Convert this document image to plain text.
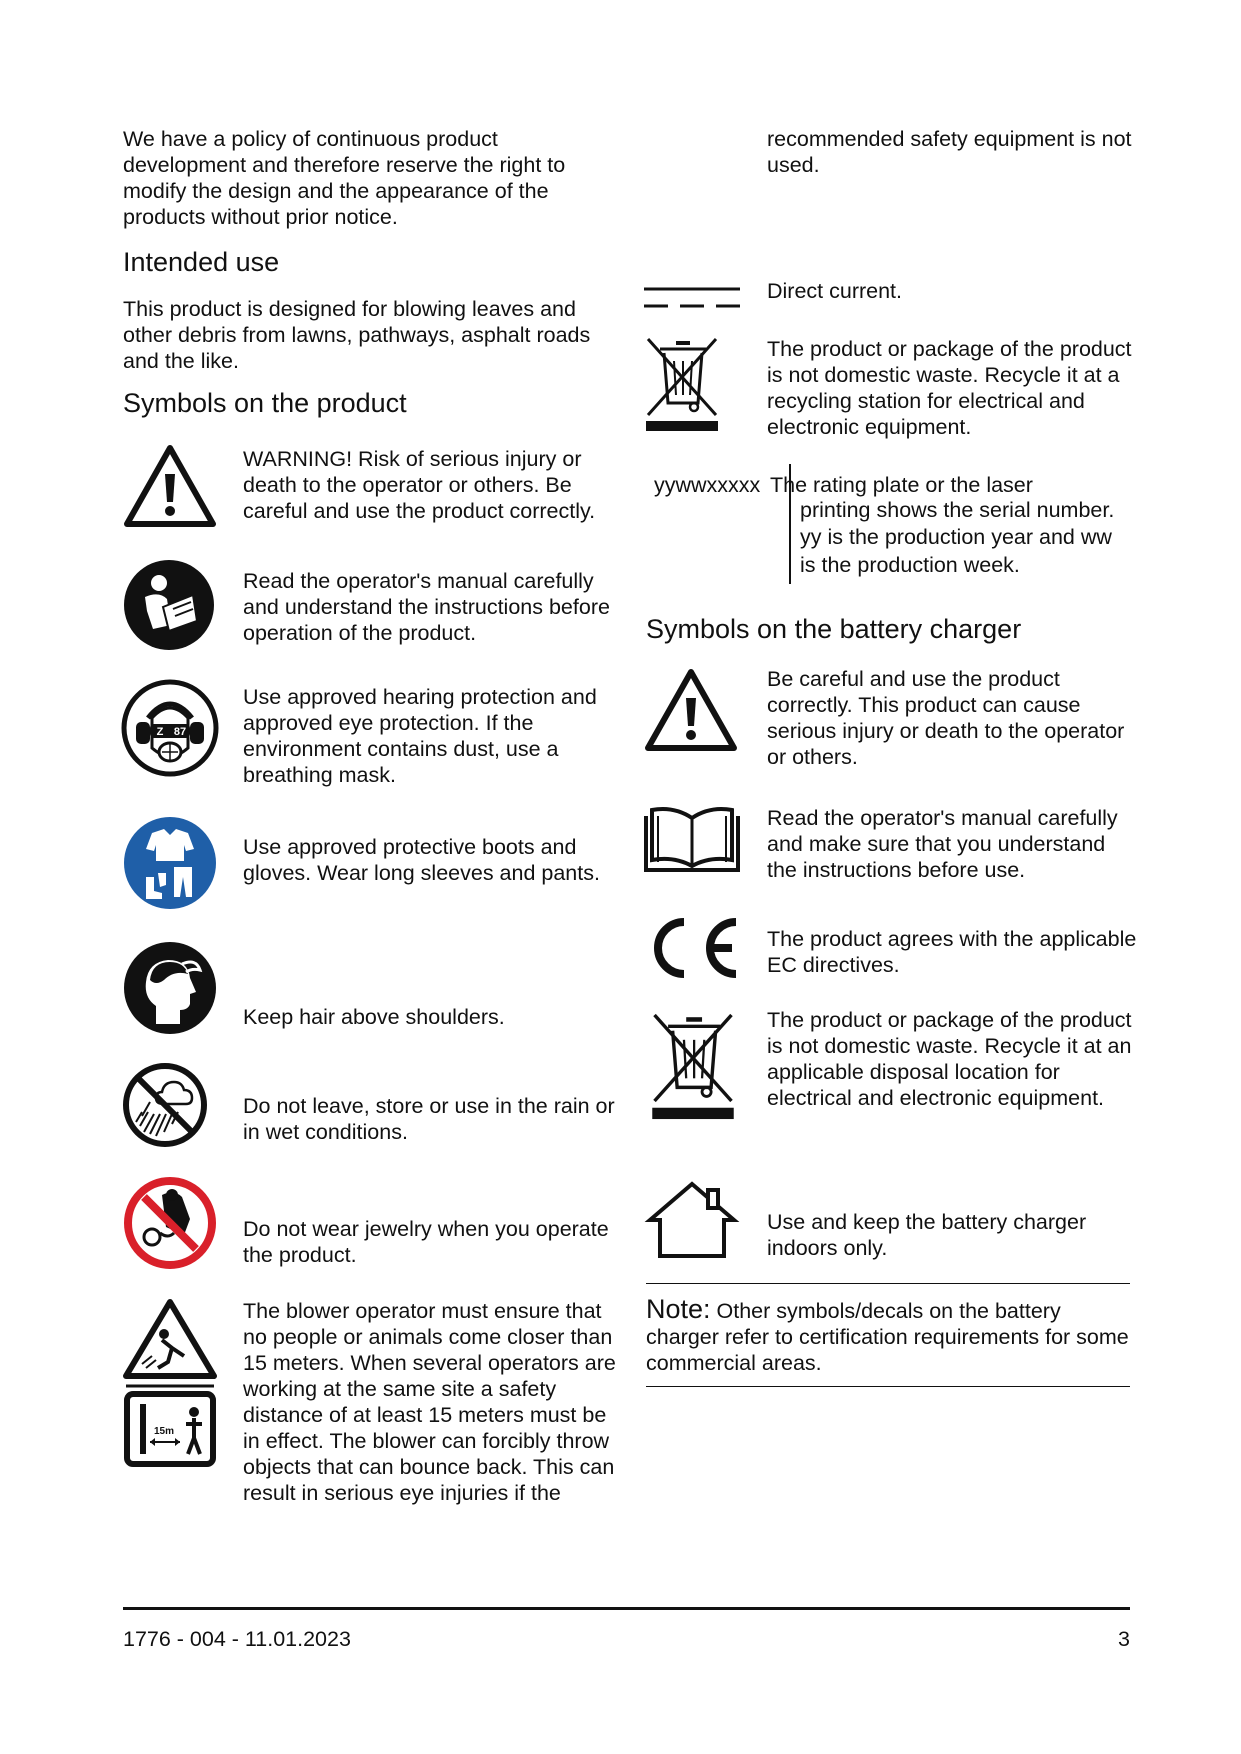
We have a policy of continuous product development and therefore reserve the right to modify the design and the appearance of the products without prior notice.
Intended use
This product is designed for blowing leaves and other debris from lawns, pathways, asphalt roads and the like.
Symbols on the product
WARNING! Risk of serious injury or death to the operator or others. Be careful and use the product correctly.
Read the operator's manual carefully and understand the instructions before operation of the product.
Z 87
Use approved hearing protection and approved eye protection. If the environment contains dust, use a breathing mask.
Use approved protective boots and gloves. Wear long sleeves and pants.
Keep hair above shoulders.
Do not leave, store or use in the rain or in wet conditions.
Do not wear jewelry when you operate the product.
15m
The blower operator must ensure that no people or animals come closer than 15 meters. When several operators are working at the same site a safety distance of at least 15 meters must be in effect. The blower can forcibly throw objects that can bounce back. This can result in serious eye injuries if the
recommended safety equipment is not used.
Direct current.
The product or package of the product is not domestic waste. Recycle it at a recycling station for electrical and electronic equipment.
yywwxxxxx The rating plate or the laser
printing shows the serial number.
yy is the production year and ww
is the production week.
Symbols on the battery charger
Be careful and use the product correctly. This product can cause serious injury or death to the operator or others.
Read the operator's manual carefully and make sure that you understand the instructions before use.
The product agrees with the applicable EC directives.
The product or package of the product is not domestic waste. Recycle it at an applicable disposal location for electrical and electronic equipment.
Use and keep the battery charger indoors only.
Note: Other symbols/decals on the battery charger refer to certification requirements for some commercial areas.
1776 - 004 - 11.01.2023	3
